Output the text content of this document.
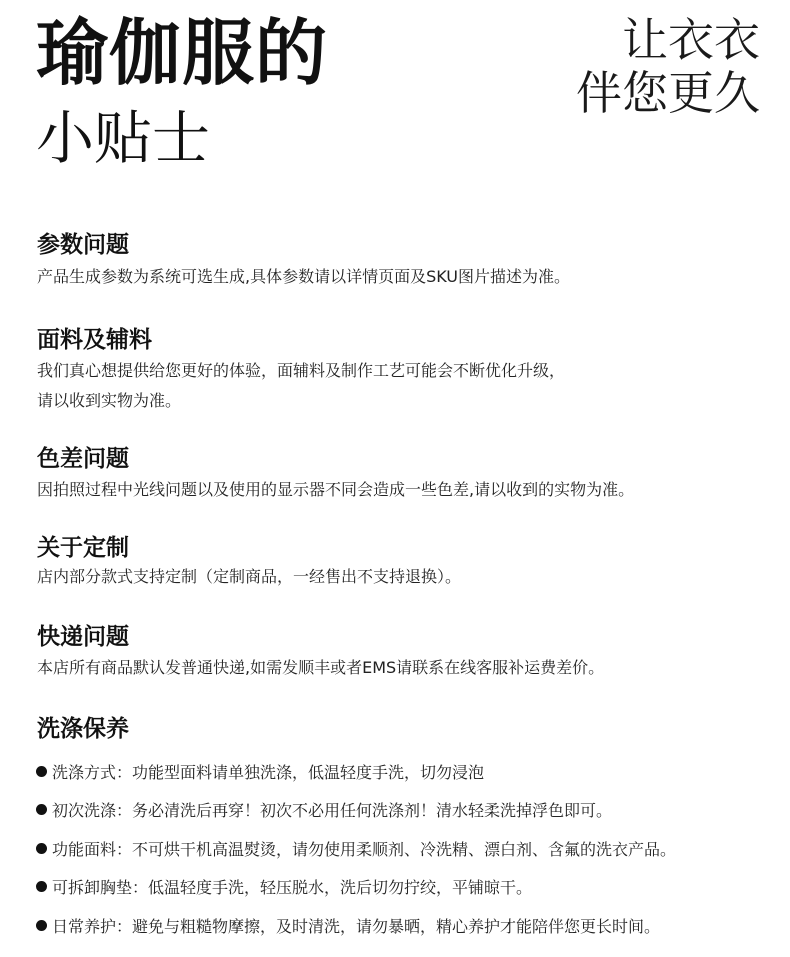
瑜伽服的
小贴士
让衣衣
伴您更久
参数问题
产品生成参数为系统可选生成,具体参数请以详情页面及SKU图片描述为准。
面料及辅料
我们真心想提供给您更好的体验，面辅料及制作工艺可能会不断优化升级，
请以收到实物为准。
色差问题
因拍照过程中光线问题以及使用的显示器不同会造成一些色差,请以收到的实物为准。
关于定制
店内部分款式支持定制（定制商品，一经售出不支持退换）。
快递问题
本店所有商品默认发普通快递,如需发顺丰或者EMS请联系在线客服补运费差价。
洗涤保养
洗涤方式：功能型面料请单独洗涤，低温轻度手洗，切勿浸泡
初次洗涤：务必清洗后再穿！初次不必用任何洗涤剂！清水轻柔洗掉浮色即可。
功能面料：不可烘干机高温熨烫，请勿使用柔顺剂、冷洗精、漂白剂、含氟的洗衣产品。
可拆卸胸垫：低温轻度手洗，轻压脱水，洗后切勿拧绞，平铺晾干。
日常养护：避免与粗糙物摩擦，及时清洗，请勿暴晒，精心养护才能陪伴您更长时间。
